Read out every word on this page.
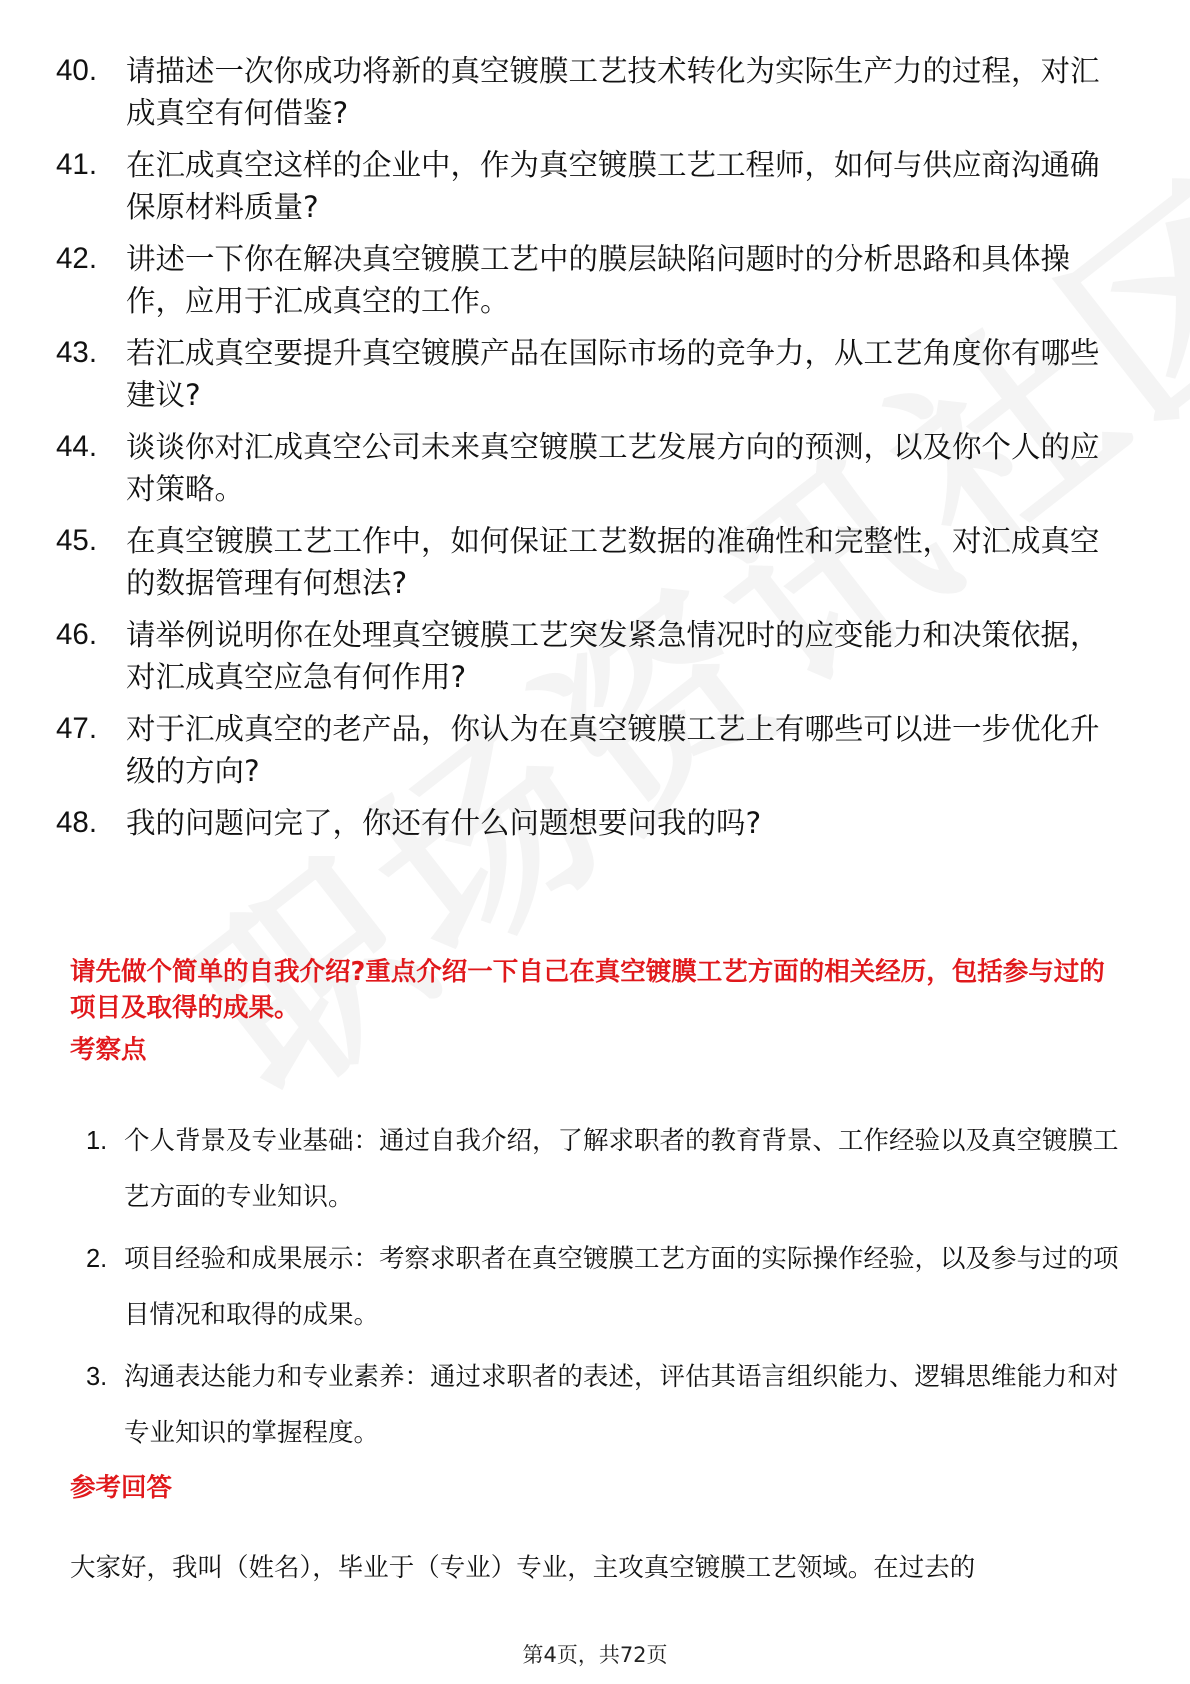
40. 请描述一次你成功将新的真空镀膜工艺技术转化为实际生产力的过程，对汇成真空有何借鉴?
41. 在汇成真空这样的企业中，作为真空镀膜工艺工程师，如何与供应商沟通确保原材料质量?
42. 讲述一下你在解决真空镀膜工艺中的膜层缺陷问题时的分析思路和具体操作，应用于汇成真空的工作。
43. 若汇成真空要提升真空镀膜产品在国际市场的竞争力，从工艺角度你有哪些建议?
44. 谈谈你对汇成真空公司未来真空镀膜工艺发展方向的预测，以及你个人的应对策略。
45. 在真空镀膜工艺工作中，如何保证工艺数据的准确性和完整性，对汇成真空的数据管理有何想法?
46. 请举例说明你在处理真空镀膜工艺突发紧急情况时的应变能力和决策依据，对汇成真空应急有何作用?
47. 对于汇成真空的老产品，你认为在真空镀膜工艺上有哪些可以进一步优化升级的方向?
48. 我的问题问完了，你还有什么问题想要问我的吗?
请先做个简单的自我介绍?重点介绍一下自己在真空镀膜工艺方面的相关经历，包括参与过的项目及取得的成果。
考察点
1. 个人背景及专业基础：通过自我介绍，了解求职者的教育背景、工作经验以及真空镀膜工艺方面的专业知识。
2. 项目经验和成果展示：考察求职者在真空镀膜工艺方面的实际操作经验，以及参与过的项目情况和取得的成果。
3. 沟通表达能力和专业素养：通过求职者的表述，评估其语言组织能力、逻辑思维能力和对专业知识的掌握程度。
参考回答
大家好，我叫（姓名），毕业于（专业）专业，主攻真空镀膜工艺领域。在过去的
第4页，共72页
